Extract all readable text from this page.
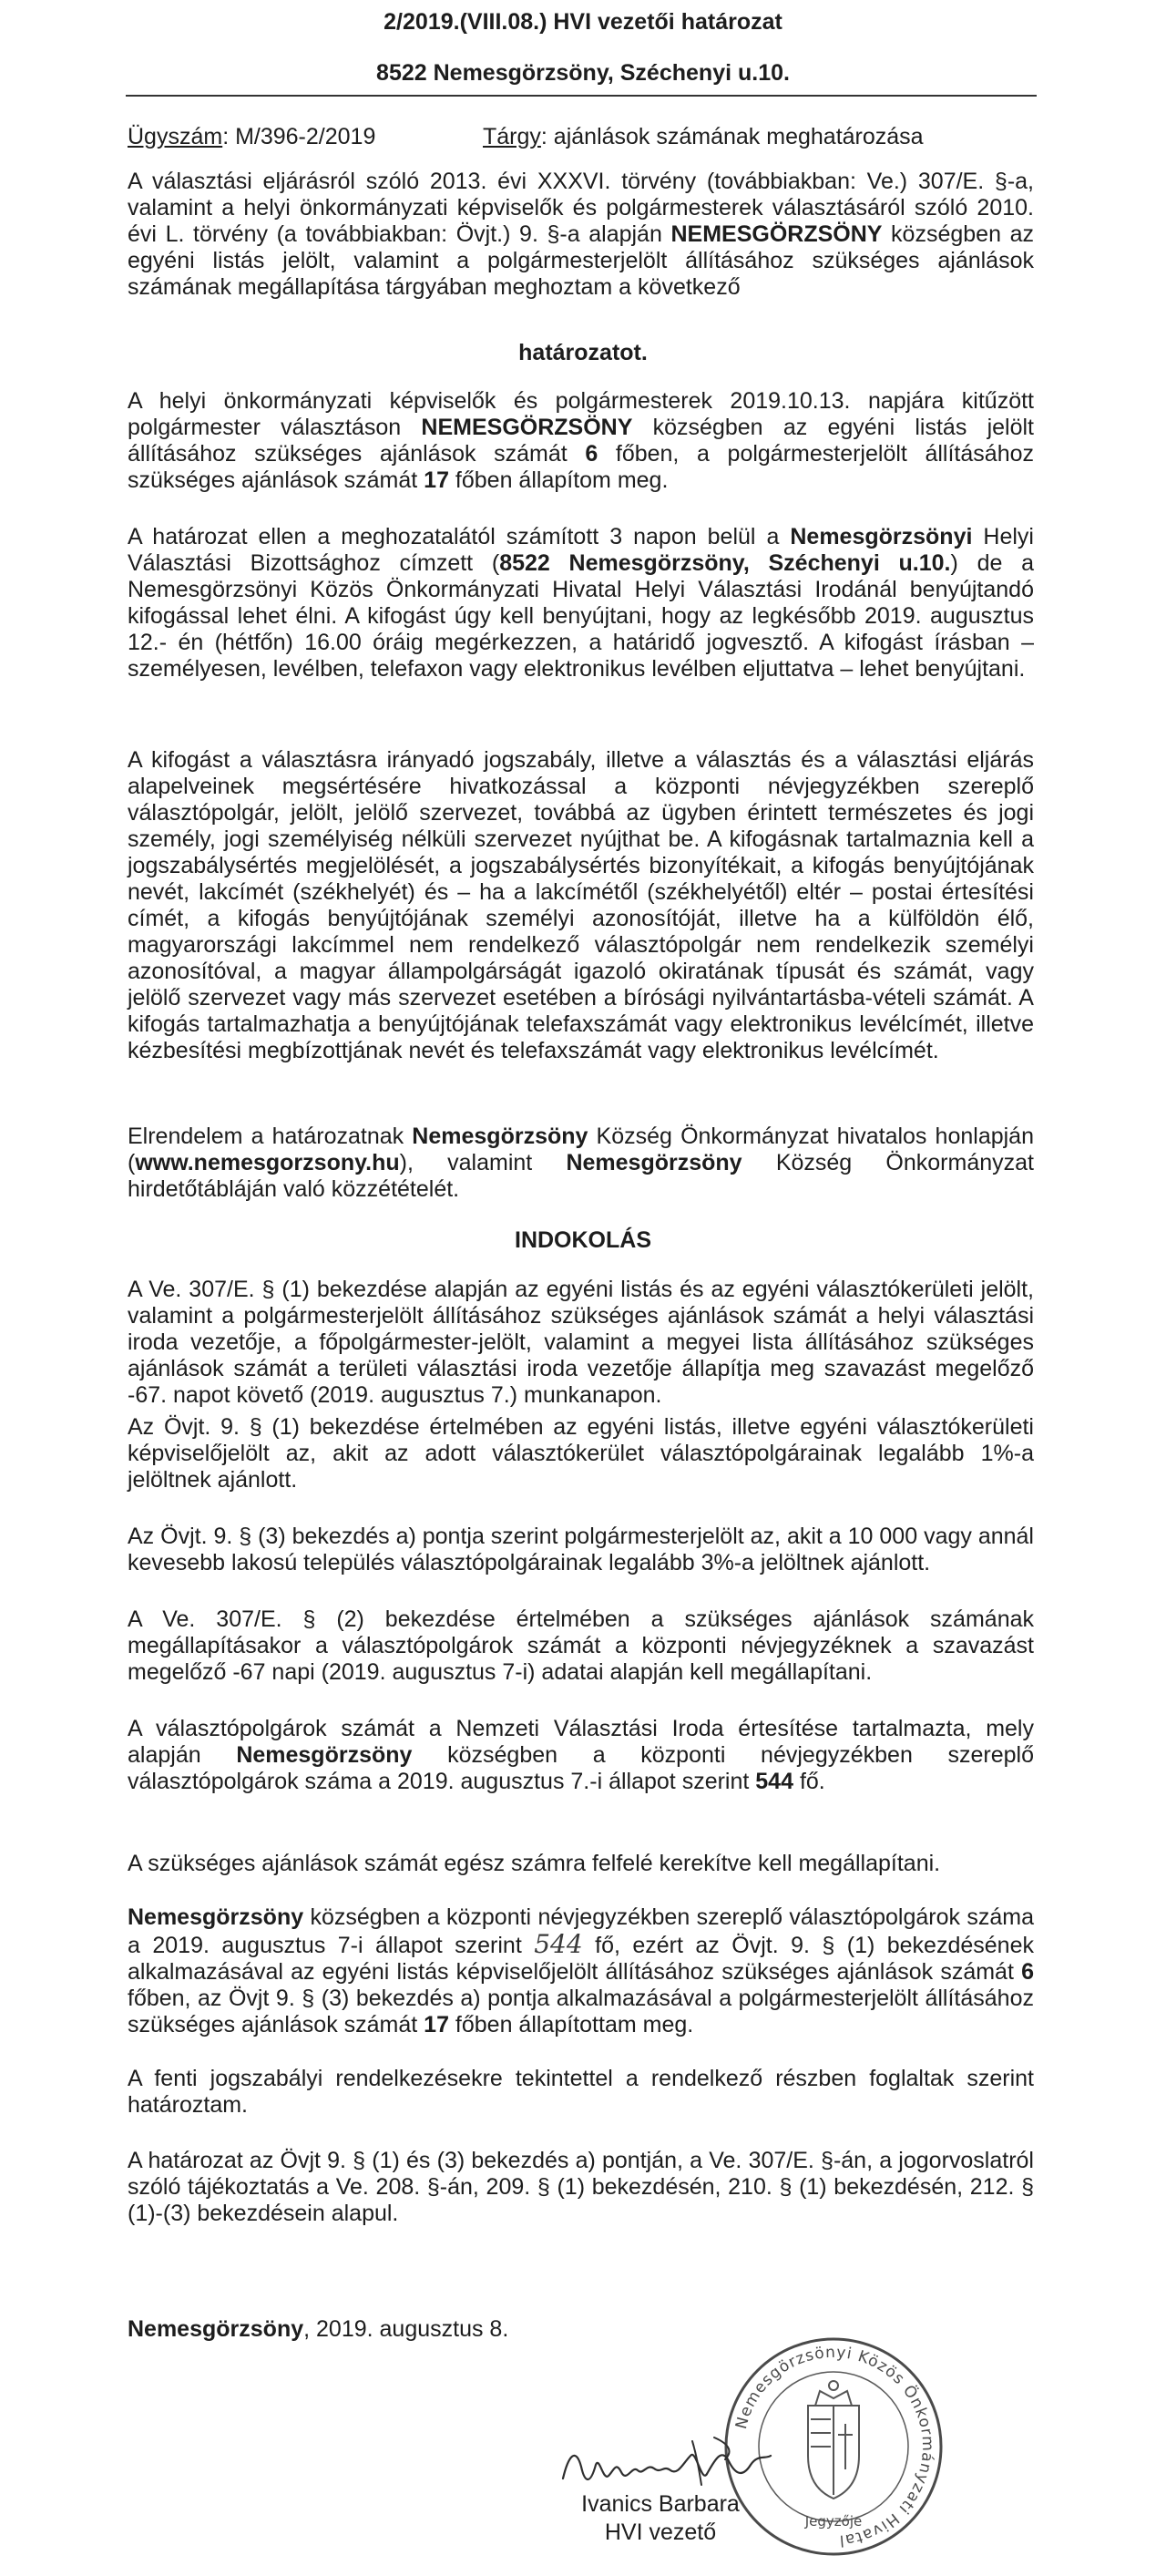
2/2019.(VIII.08.) HVI vezetői határozat
8522 Nemesgörzsöny, Széchenyi u.10.
Ügyszám: M/396-2/2019	Tárgy: ajánlások számának meghatározása

A választási eljárásról szóló 2013. évi XXXVI. törvény (továbbiakban: Ve.) 307/E. §-a, valamint a helyi önkormányzati képviselők és polgármesterek választásáról szóló 2010. évi L. törvény (a továbbiakban: Övjt.) 9. §-a alapján NEMESGÖRZSÖNY községben az egyéni listás jelölt, valamint a polgármesterjelölt állításához szükséges ajánlások számának megállapítása tárgyában meghoztam a következő

határozatot.

A helyi önkormányzati képviselők és polgármesterek 2019.10.13. napjára kitűzött polgármester választáson NEMESGÖRZSÖNY községben az egyéni listás jelölt állításához szükséges ajánlások számát 6 főben, a polgármesterjelölt állításához szükséges ajánlások számát 17 főben állapítom meg.

A határozat ellen a meghozatalától számított 3 napon belül a Nemesgörzsönyi Helyi Választási Bizottsághoz címzett (8522 Nemesgörzsöny, Széchenyi u.10.) de a Nemesgörzsönyi Közös Önkormányzati Hivatal Helyi Választási Irodánál benyújtandó kifogással lehet élni. A kifogást úgy kell benyújtani, hogy az legkésőbb 2019. augusztus 12.- én (hétfőn) 16.00 óráig megérkezzen, a határidő jogvesztő. A kifogást írásban – személyesen, levélben, telefaxon vagy elektronikus levélben eljuttatva – lehet benyújtani.

A kifogást a választásra irányadó jogszabály, illetve a választás és a választási eljárás alapelveinek megsértésére hivatkozással a központi névjegyzékben szereplő választópolgár, jelölt, jelölő szervezet, továbbá az ügyben érintett természetes és jogi személy, jogi személyiség nélküli szervezet nyújthat be. A kifogásnak tartalmaznia kell a jogszabálysértés megjelölését, a jogszabálysértés bizonyítékait, a kifogás benyújtójának nevét, lakcímét (székhelyét) és – ha a lakcímétől (székhelyétől) eltér – postai értesítési címét, a kifogás benyújtójának személyi azonosítóját, illetve ha a külföldön élő, magyarországi lakcímmel nem rendelkező választópolgár nem rendelkezik személyi azonosítóval, a magyar állampolgárságát igazoló okiratának típusát és számát, vagy jelölő szervezet vagy más szervezet esetében a bírósági nyilvántartásba-vételi számát. A kifogás tartalmazhatja a benyújtójának telefaxszámát vagy elektronikus levélcímét, illetve kézbesítési megbízottjának nevét és telefaxszámát vagy elektronikus levélcímét.

Elrendelem a határozatnak Nemesgörzsöny Község Önkormányzat hivatalos honlapján (www.nemesgorzsony.hu), valamint Nemesgörzsöny Község Önkormányzat hirdetőtábláján való közzétételét.

INDOKOLÁS

A Ve. 307/E. § (1) bekezdése alapján az egyéni listás és az egyéni választókerületi jelölt, valamint a polgármesterjelölt állításához szükséges ajánlások számát a helyi választási iroda vezetője, a főpolgármester-jelölt, valamint a megyei lista állításához szükséges ajánlások számát a területi választási iroda vezetője állapítja meg szavazást megelőző -67. napot követő (2019. augusztus 7.) munkanapon.

Az Övjt. 9. § (1) bekezdése értelmében az egyéni listás, illetve egyéni választókerületi képviselőjelölt az, akit az adott választókerület választópolgárainak legalább 1%-a jelöltnek ajánlott.

Az Övjt. 9. § (3) bekezdés a) pontja szerint polgármesterjelölt az, akit a 10 000 vagy annál kevesebb lakosú település választópolgárainak legalább 3%-a jelöltnek ajánlott.

A Ve. 307/E. § (2) bekezdése értelmében a szükséges ajánlások számának megállapításakor a választópolgárok számát a központi névjegyzéknek a szavazást megelőző -67 napi (2019. augusztus 7-i) adatai alapján kell megállapítani.

A választópolgárok számát a Nemzeti Választási Iroda értesítése tartalmazta, mely alapján Nemesgörzsöny községben a központi névjegyzékben szereplő választópolgárok száma a 2019. augusztus 7.-i állapot szerint 544 fő.

A szükséges ajánlások számát egész számra felfelé kerekítve kell megállapítani.

Nemesgörzsöny községben a központi névjegyzékben szereplő választópolgárok száma a 2019. augusztus 7-i állapot szerint 544 fő, ezért az Övjt. 9. § (1) bekezdésének alkalmazásával az egyéni listás képviselőjelölt állításához szükséges ajánlások számát 6 főben, az Övjt 9. § (3) bekezdés a) pontja alkalmazásával a polgármesterjelölt állításához szükséges ajánlások számát 17 főben állapítottam meg.

A fenti jogszabályi rendelkezésekre tekintettel a rendelkező részben foglaltak szerint határoztam.

A határozat az Övjt 9. § (1) és (3) bekezdés a) pontján, a Ve. 307/E. §-án, a jogorvoslatról szóló tájékoztatás a Ve. 208. §-án, 209. § (1) bekezdésén, 210. § (1) bekezdésén, 212. § (1)-(3) bekezdésein alapul.

Nemesgörzsöny, 2019. augusztus 8.
Nemesgörzsönyi Közös Önkormányzati Hivatal
Jegyzője
Ivanics Barbara
HVI vezető
